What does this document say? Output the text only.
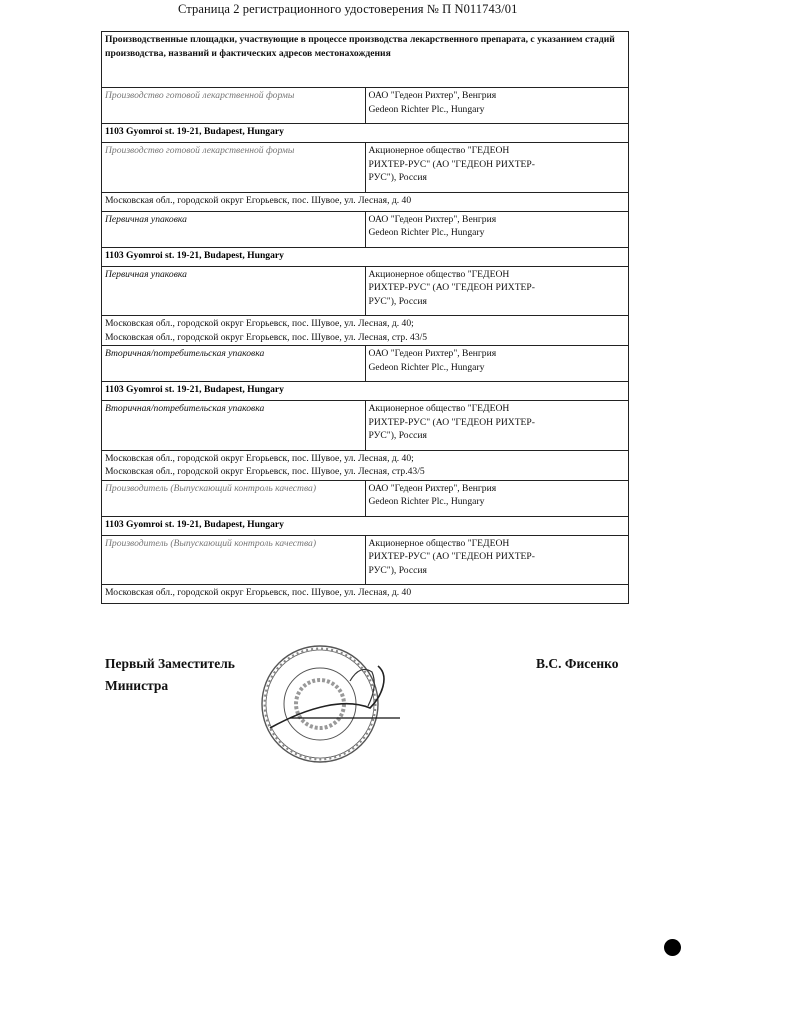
Страница 2 регистрационного удостоверения № П N011743/01
Производственные площадки, участвующие в процессе производства лекарственного препарата, с указанием стадий производства, названий и фактических адресов местонахождения	
Производство готовой лекарственной формы	ОАО "Гедеон Рихтер", Венгрия
Gedeon Richter Plc., Hungary

1103 Gyomroi st. 19-21, Budapest, Hungary	

Производство готовой лекарственной формы	Акционерное общество "ГЕДЕОН
РИХТЕР-РУС" (АО "ГЕДЕОН РИХТЕР-
РУС"), Россия

Московская обл., городской округ Егорьевск, пос. Шувое, ул. Лесная, д. 40	

Первичная упаковка	ОАО "Гедеон Рихтер", Венгрия
Gedeon Richter Plc., Hungary

1103 Gyomroi st. 19-21, Budapest, Hungary	

Первичная упаковка	Акционерное общество "ГЕДЕОН
РИХТЕР-РУС" (АО "ГЕДЕОН РИХТЕР-
РУС"), Россия

Московская обл., городской округ Егорьевск, пос. Шувое, ул. Лесная, д. 40;
Московская обл., городской округ Егорьевск, пос. Шувое, ул. Лесная, стр. 43/5	

Вторичная/потребительская упаковка	ОАО "Гедеон Рихтер", Венгрия
Gedeon Richter Plc., Hungary

1103 Gyomroi st. 19-21, Budapest, Hungary	

Вторичная/потребительская упаковка	Акционерное общество "ГЕДЕОН
РИХТЕР-РУС" (АО "ГЕДЕОН РИХТЕР-
РУС"), Россия

Московская обл., городской округ Егорьевск, пос. Шувое, ул. Лесная, д. 40;
Московская обл., городской округ Егорьевск, пос. Шувое, ул. Лесная, стр.43/5	

Производитель (Выпускающий контроль качества)	ОАО "Гедеон Рихтер", Венгрия
Gedeon Richter Plc., Hungary

1103 Gyomroi st. 19-21, Budapest, Hungary	

Производитель (Выпускающий контроль качества)	Акционерное общество "ГЕДЕОН
РИХТЕР-РУС" (АО "ГЕДЕОН РИХТЕР-
РУС"), Россия

Московская обл., городской округ Егорьевск, пос. Шувое, ул. Лесная, д. 40	
Первый Заместитель
Министра
В.С. Фисенко
